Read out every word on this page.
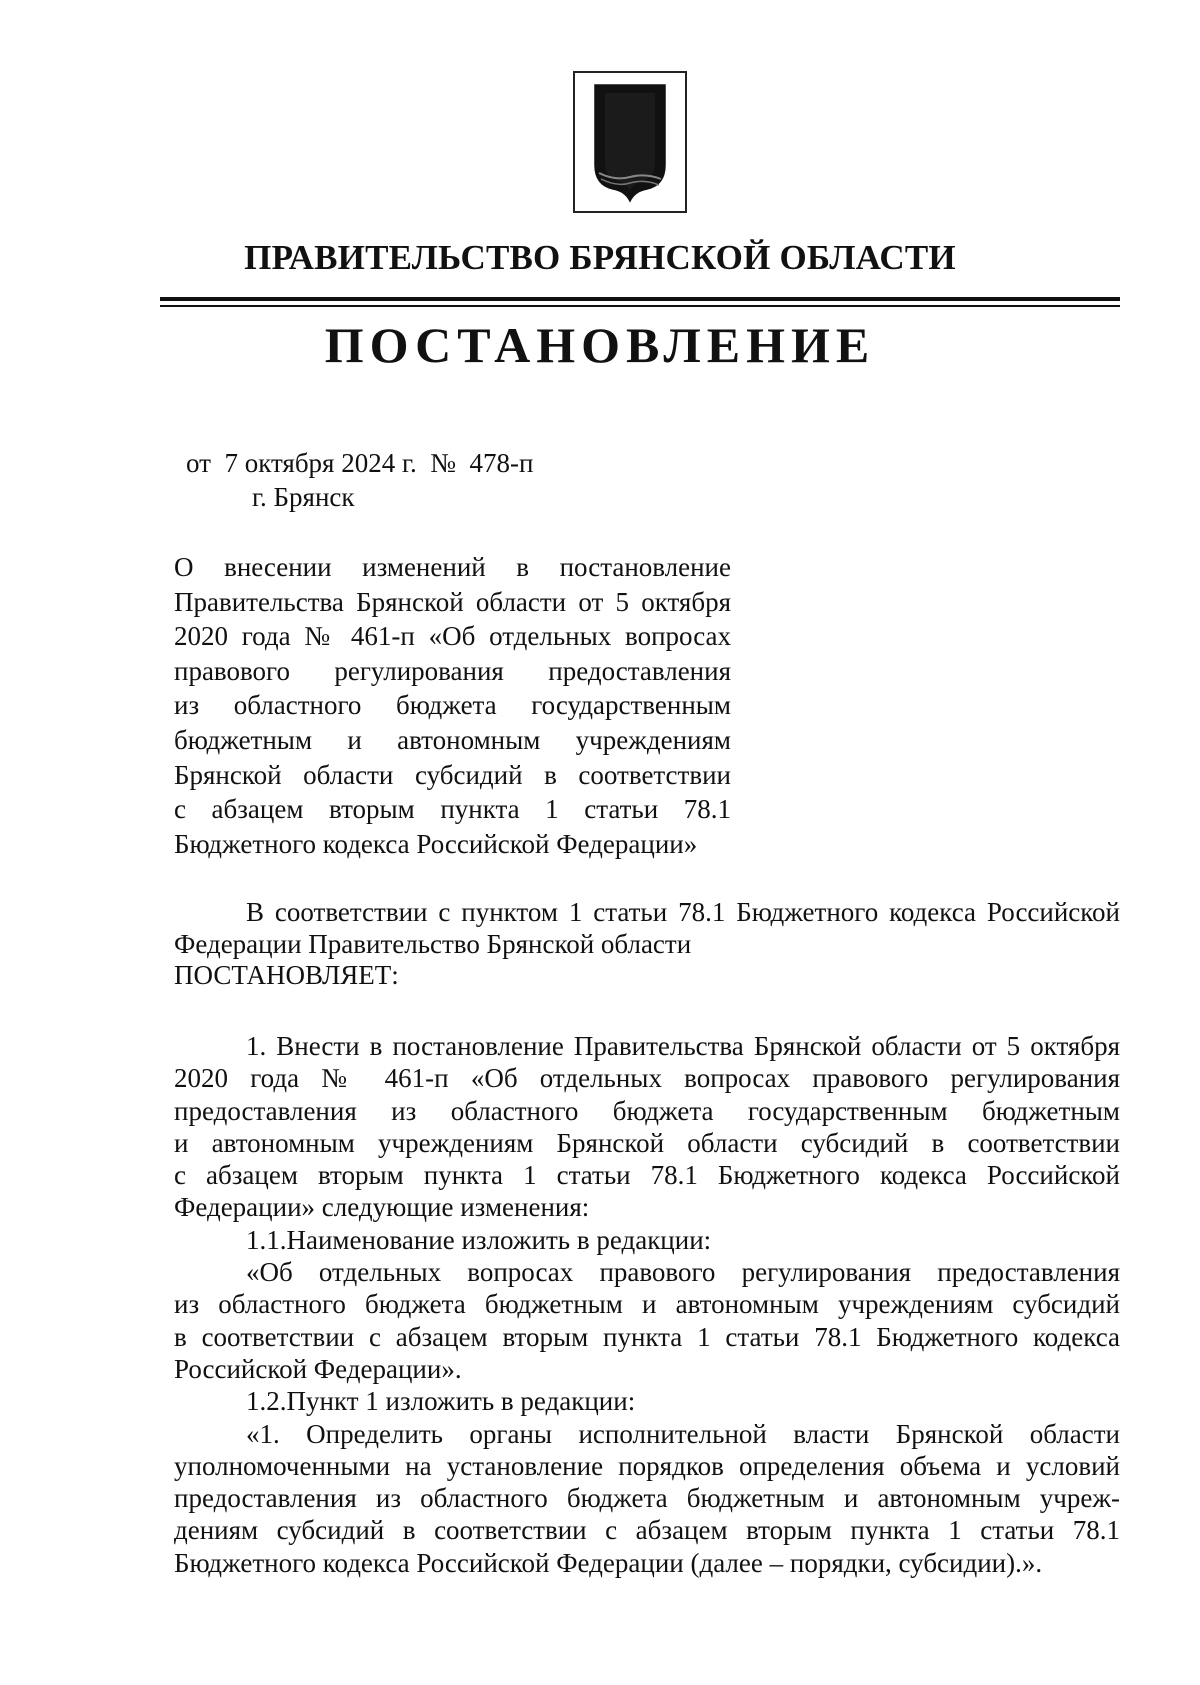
ПРАВИТЕЛЬСТВО БРЯНСКОЙ ОБЛАСТИ
ПОСТАНОВЛЕНИЕ
от  7 октября 2024 г.  №  478-п
г. Брянск
О внесении изменений в постановление
Правительства Брянской области от 5 октября
2020 года № 461-п «Об отдельных вопросах
правового регулирования предоставления
из областного бюджета государственным
бюджетным и автономным учреждениям
Брянской области субсидий в соответствии
с абзацем вторым пункта 1 статьи 78.1
Бюджетного кодекса Российской Федерации»
В соответствии с пунктом 1 статьи 78.1 Бюджетного кодекса Российской
Федерации Правительство Брянской области
ПОСТАНОВЛЯЕТ:
1. Внести в постановление Правительства Брянской области от 5 октября
2020 года № 461-п «Об отдельных вопросах правового регулирования
предоставления из областного бюджета государственным бюджетным
и автономным учреждениям Брянской области субсидий в соответствии
с абзацем вторым пункта 1 статьи 78.1 Бюджетного кодекса Российской
Федерации» следующие изменения:
1.1.Наименование изложить в редакции:
«Об отдельных вопросах правового регулирования предоставления
из областного бюджета бюджетным и автономным учреждениям субсидий
в соответствии с абзацем вторым пункта 1 статьи 78.1 Бюджетного кодекса
Российской Федерации».
1.2.Пункт 1 изложить в редакции:
«1. Определить органы исполнительной власти Брянской области
уполномоченными на установление порядков определения объема и условий
предоставления из областного бюджета бюджетным и автономным учреж-
дениям субсидий в соответствии с абзацем вторым пункта 1 статьи 78.1
Бюджетного кодекса Российской Федерации (далее – порядки, субсидии).».
